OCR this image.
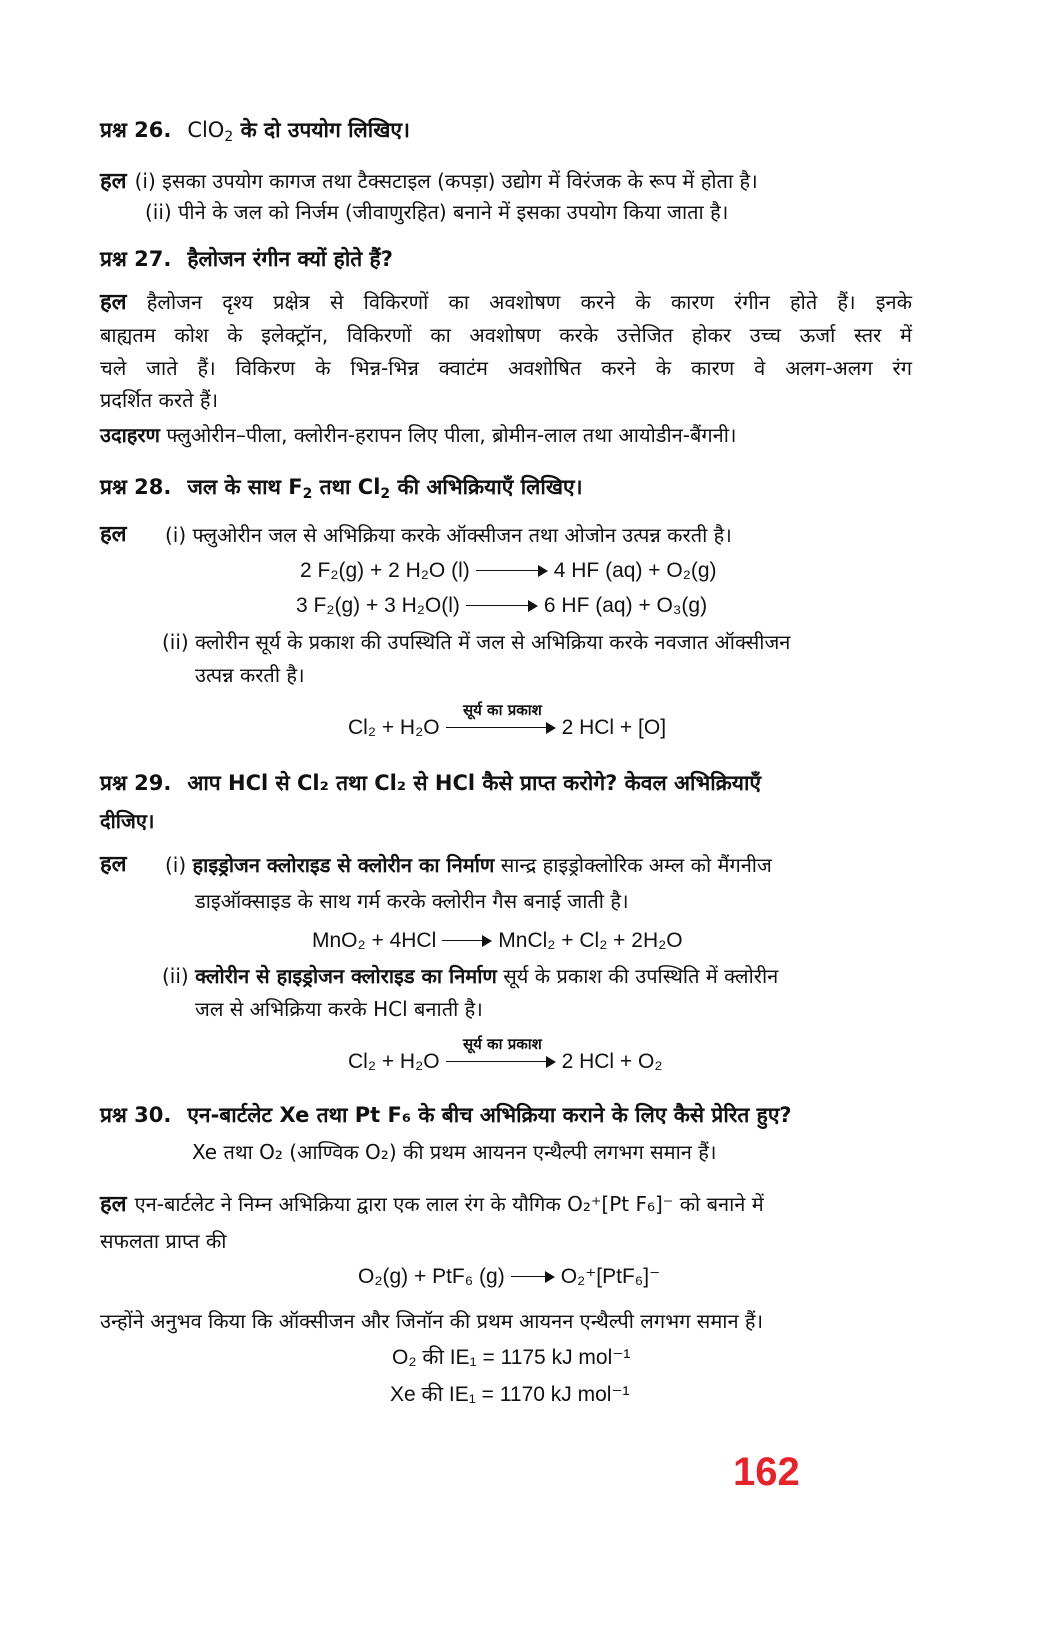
प्रश्न 26. ClO$_2$ के दो उपयोग लिखिए।
हल (i) इसका उपयोग कागज तथा टैक्सटाइल (कपड़ा) उद्योग में विरंजक के रूप में होता है।
(ii) पीने के जल को निर्जम (जीवाणुरहित) बनाने में इसका उपयोग किया जाता है।
प्रश्न 27. हैलोजन रंगीन क्यों होते हैं?
हल हैलोजन दृश्य प्रक्षेत्र से विकिरणों का अवशोषण करने के कारण रंगीन होते हैं। इनके
बाह्यतम कोश के इलेक्ट्रॉन, विकिरणों का अवशोषण करके उत्तेजित होकर उच्च ऊर्जा स्तर में
चले जाते हैं। विकिरण के भिन्न-भिन्न क्वाटंम अवशोषित करने के कारण वे अलग-अलग रंग
प्रदर्शित करते हैं।
उदाहरण फ्लुओरीन–पीला, क्लोरीन-हरापन लिए पीला, ब्रोमीन-लाल तथा आयोडीन-बैंगनी।
प्रश्न 28. जल के साथ $F_2$ तथा $Cl_2$ की अभिक्रियाएँ लिखिए।
हल (i) फ्लुओरीन जल से अभिक्रिया करके ऑक्सीजन तथा ओजोन उत्पन्न करती है।
2 F₂(g) + 2 H₂O (l)	4 HF (aq) + O₂(g)
3 F₂(g) + 3 H₂O(l)	6 HF (aq) + O₃(g)
(ii) क्लोरीन सूर्य के प्रकाश की उपस्थिति में जल से अभिक्रिया करके नवजात ऑक्सीजन
उत्पन्न करती है।
सूर्य का प्रकाश
Cl₂ + H₂O	2 HCl + [O]
प्रश्न 29. आप HCl से Cl₂ तथा Cl₂ से HCl कैसे प्राप्त करोगे? केवल अभिक्रियाएँ
दीजिए।
हल (i) हाइड्रोजन क्लोराइड से क्लोरीन का निर्माण सान्द्र हाइड्रोक्लोरिक अम्ल को मैंगनीज
डाइऑक्साइड के साथ गर्म करके क्लोरीन गैस बनाई जाती है।
MnO₂ + 4HCl	MnCl₂ + Cl₂ + 2H₂O
(ii) क्लोरीन से हाइड्रोजन क्लोराइड का निर्माण सूर्य के प्रकाश की उपस्थिति में क्लोरीन
जल से अभिक्रिया करके HCl बनाती है।
सूर्य का प्रकाश
Cl₂ + H₂O	2 HCl + O₂
प्रश्न 30. एन-बार्टलेट Xe तथा Pt F₆ के बीच अभिक्रिया कराने के लिए कैसे प्रेरित हुए?
Xe तथा O₂ (आण्विक O₂) की प्रथम आयनन एन्थैल्पी लगभग समान हैं।
हल एन-बार्टलेट ने निम्न अभिक्रिया द्वारा एक लाल रंग के यौगिक O₂⁺[Pt F₆]⁻ को बनाने में
सफलता प्राप्त की
O₂(g) + PtF₆ (g)	O₂⁺[PtF₆]⁻
उन्होंने अनुभव किया कि ऑक्सीजन और जिनॉन की प्रथम आयनन एन्थैल्पी लगभग समान हैं।
O₂ की IE₁ = 1175 kJ mol⁻¹
Xe की IE₁ = 1170 kJ mol⁻¹
162
